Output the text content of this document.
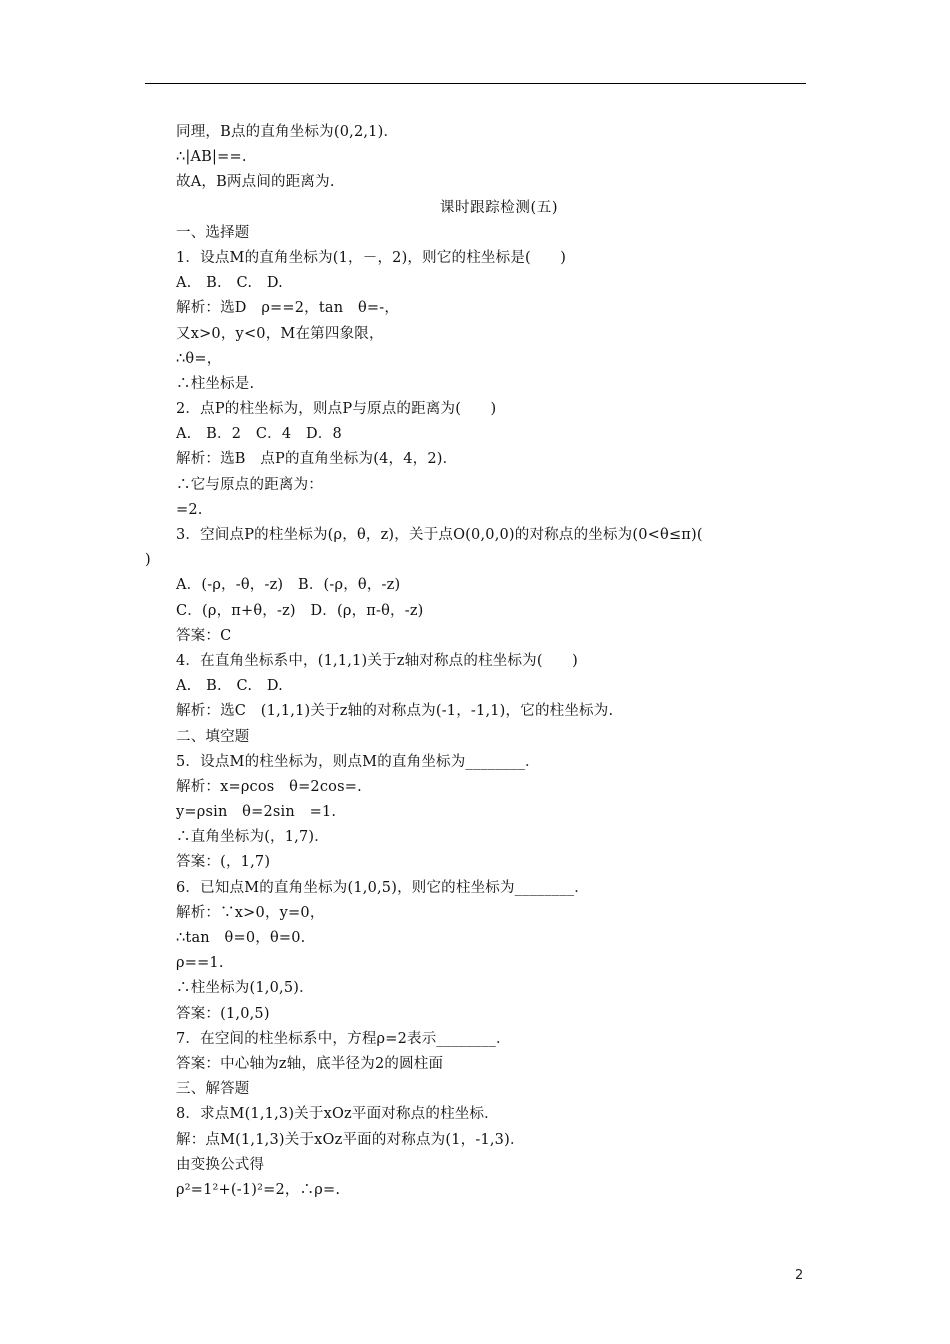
同理，B点的直角坐标为(0,2,1)．
∴|AB|==.
故A，B两点间的距离为.
课时跟踪检测(五)
一、选择题
1．设点M的直角坐标为(1，－，2)，则它的柱坐标是(　　)
A.　B.　C.　D.
解析：选D　ρ==2，tan　θ=-，
又x>0，y<0，M在第四象限，
∴θ=，
∴柱坐标是.
2．点P的柱坐标为，则点P与原点的距离为(　　)
A.　B．2　C．4　D．8
解析：选B　点P的直角坐标为(4，4，2)．
∴它与原点的距离为：
=2.
3．空间点P的柱坐标为(ρ，θ，z)，关于点O(0,0,0)的对称点的坐标为(0<θ≤π)(
)
A．(-ρ，-θ，-z)　B．(-ρ，θ，-z)
C．(ρ，π+θ，-z)　D．(ρ，π-θ，-z)
答案：C
4．在直角坐标系中，(1,1,1)关于z轴对称点的柱坐标为(　　)
A.　B.　C.　D.
解析：选C　(1,1,1)关于z轴的对称点为(-1，-1,1)，它的柱坐标为.
二、填空题
5．设点M的柱坐标为，则点M的直角坐标为________．
解析：x=ρcos　θ=2cos=.
y=ρsin　θ=2sin　=1.
∴直角坐标为(，1,7)．
答案：(，1,7)
6．已知点M的直角坐标为(1,0,5)，则它的柱坐标为________．
解析：∵x>0，y=0，
∴tan　θ=0，θ=0.
ρ==1.
∴柱坐标为(1,0,5)．
答案：(1,0,5)
7．在空间的柱坐标系中，方程ρ=2表示________．
答案：中心轴为z轴，底半径为2的圆柱面
三、解答题
8．求点M(1,1,3)关于xOz平面对称点的柱坐标．
解：点M(1,1,3)关于xOz平面的对称点为(1，-1,3)．
由变换公式得
ρ²=1²+(-1)²=2，∴ρ=.
2
